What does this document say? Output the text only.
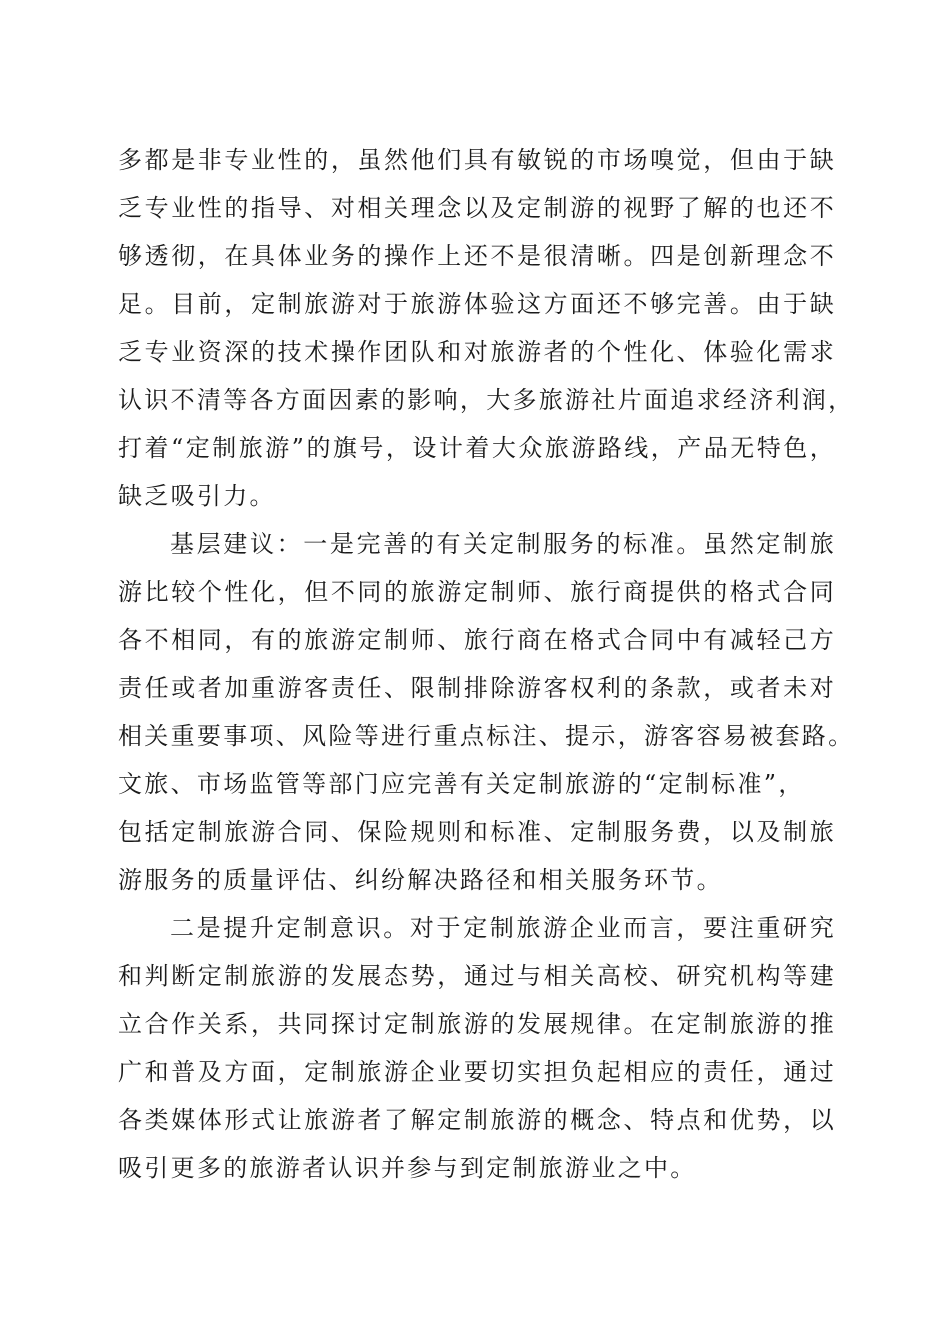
多都是非专业性的，虽然他们具有敏锐的市场嗅觉，但由于缺
乏专业性的指导、对相关理念以及定制游的视野了解的也还不
够透彻，在具体业务的操作上还不是很清晰。四是创新理念不
足。目前，定制旅游对于旅游体验这方面还不够完善。由于缺
乏专业资深的技术操作团队和对旅游者的个性化、体验化需求
认识不清等各方面因素的影响，大多旅游社片面追求经济利润，
打着“定制旅游”的旗号，设计着大众旅游路线，产品无特色，
缺乏吸引力。
基层建议：一是完善的有关定制服务的标准。虽然定制旅
游比较个性化，但不同的旅游定制师、旅行商提供的格式合同
各不相同，有的旅游定制师、旅行商在格式合同中有减轻己方
责任或者加重游客责任、限制排除游客权利的条款，或者未对
相关重要事项、风险等进行重点标注、提示，游客容易被套路。
文旅、市场监管等部门应完善有关定制旅游的“定制标准”，
包括定制旅游合同、保险规则和标准、定制服务费，以及制旅
游服务的质量评估、纠纷解决路径和相关服务环节。
二是提升定制意识。对于定制旅游企业而言，要注重研究
和判断定制旅游的发展态势，通过与相关高校、研究机构等建
立合作关系，共同探讨定制旅游的发展规律。在定制旅游的推
广和普及方面，定制旅游企业要切实担负起相应的责任，通过
各类媒体形式让旅游者了解定制旅游的概念、特点和优势，以
吸引更多的旅游者认识并参与到定制旅游业之中。
